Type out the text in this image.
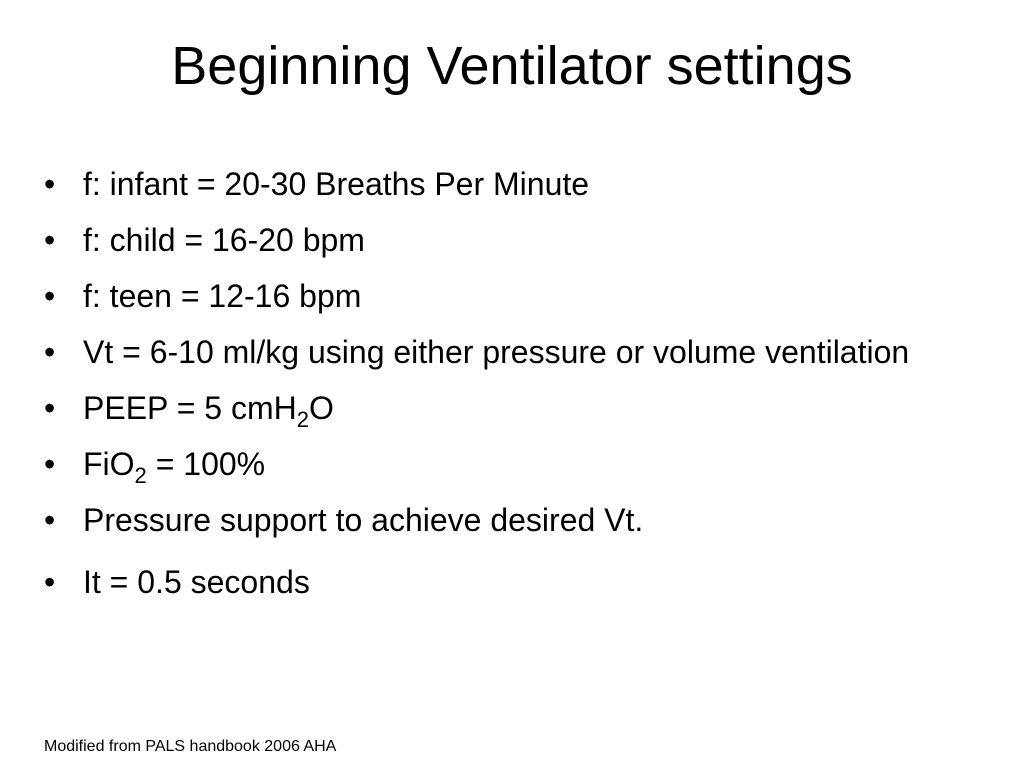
Beginning Ventilator settings
• f: infant = 20-30 Breaths Per Minute
• f: child = 16-20 bpm
• f: teen = 12-16 bpm
• Vt = 6-10 ml/kg using either pressure or volume ventilation
• PEEP = 5 cmH$_2$O
• FiO$_2$ = 100%
• Pressure support to achieve desired Vt.
• It = 0.5 seconds
Modified from PALS handbook 2006 AHA
